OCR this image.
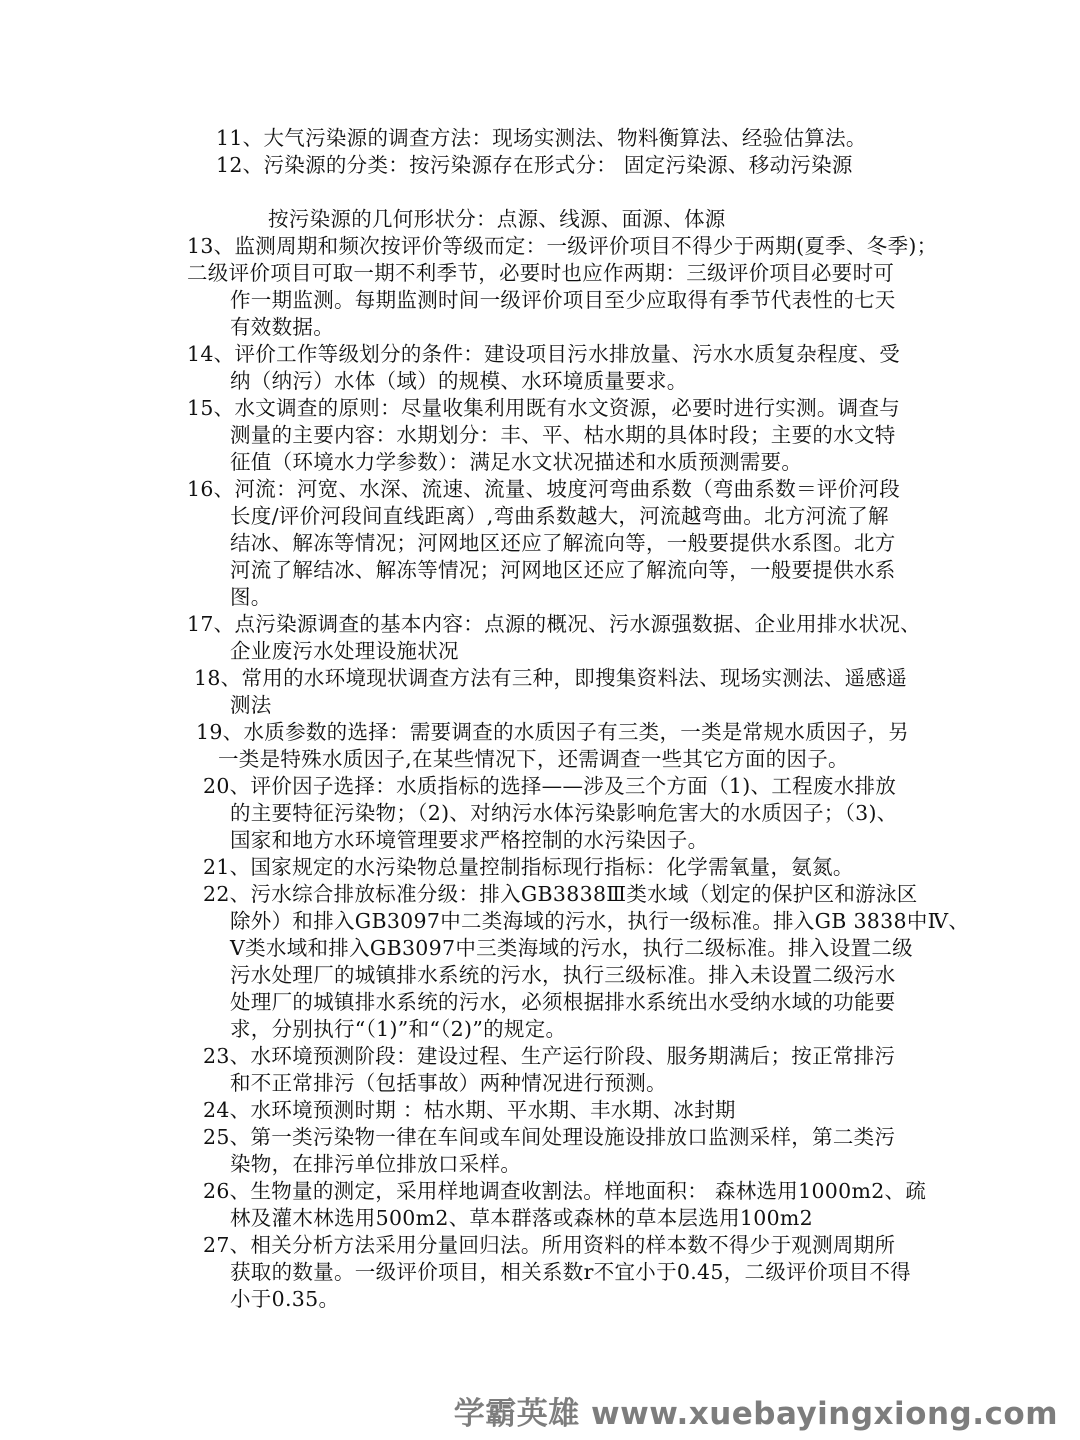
11、大气污染源的调查方法：现场实测法、物料衡算法、经验估算法。
12、污染源的分类：按污染源存在形式分： 固定污染源、移动污染源
按污染源的几何形状分：点源、线源、面源、体源
13、监测周期和频次按评价等级而定：一级评价项目不得少于两期(夏季、冬季)；
二级评价项目可取一期不利季节，必要时也应作两期：三级评价项目必要时可
作一期监测。每期监测时间一级评价项目至少应取得有季节代表性的七天
有效数据。
14、评价工作等级划分的条件：建设项目污水排放量、污水水质复杂程度、受
纳（纳污）水体（域）的规模、水环境质量要求。
15、水文调查的原则：尽量收集利用既有水文资源，必要时进行实测。调查与
测量的主要内容：水期划分：丰、平、枯水期的具体时段；主要的水文特
征值（环境水力学参数）：满足水文状况描述和水质预测需要。
16、河流：河宽、水深、流速、流量、坡度河弯曲系数（弯曲系数＝评价河段
长度/评价河段间直线距离）,弯曲系数越大，河流越弯曲。北方河流了解
结冰、解冻等情况；河网地区还应了解流向等，一般要提供水系图。北方
河流了解结冰、解冻等情况；河网地区还应了解流向等，一般要提供水系
图。
17、点污染源调查的基本内容：点源的概况、污水源强数据、企业用排水状况、
企业废污水处理设施状况
18、常用的水环境现状调查方法有三种，即搜集资料法、现场实测法、遥感遥
测法
19、水质参数的选择：需要调查的水质因子有三类，一类是常规水质因子，另
一类是特殊水质因子,在某些情况下，还需调查一些其它方面的因子。
20、评价因子选择：水质指标的选择——涉及三个方面（1)、工程废水排放
的主要特征污染物；（2)、对纳污水体污染影响危害大的水质因子；（3)、
国家和地方水环境管理要求严格控制的水污染因子。
21、国家规定的水污染物总量控制指标现行指标：化学需氧量，氨氮。
22、污水综合排放标准分级：排入GB3838Ⅲ类水域（划定的保护区和游泳区
除外）和排入GB3097中二类海域的污水，执行一级标准。排入GB 3838中Ⅳ、
Ⅴ类水域和排入GB3097中三类海域的污水，执行二级标准。排入设置二级
污水处理厂的城镇排水系统的污水，执行三级标准。排入未设置二级污水
处理厂的城镇排水系统的污水，必须根据排水系统出水受纳水域的功能要
求，分别执行“（1)”和“（2)”的规定。
23、水环境预测阶段：建设过程、生产运行阶段、服务期满后；按正常排污
和不正常排污（包括事故）两种情况进行预测。
24、水环境预测时期 ：枯水期、平水期、丰水期、冰封期
25、第一类污染物一律在车间或车间处理设施设排放口监测采样，第二类污
染物，在排污单位排放口采样。
26、生物量的测定，采用样地调查收割法。样地面积： 森林选用1000m2、疏
林及灌木林选用500m2、草本群落或森林的草本层选用100m2
27、相关分析方法采用分量回归法。所用资料的样本数不得少于观测周期所
获取的数量。一级评价项目，相关系数r不宜小于0.45，二级评价项目不得
小于0.35。
学霸英雄 www.xuebayingxiong.com
